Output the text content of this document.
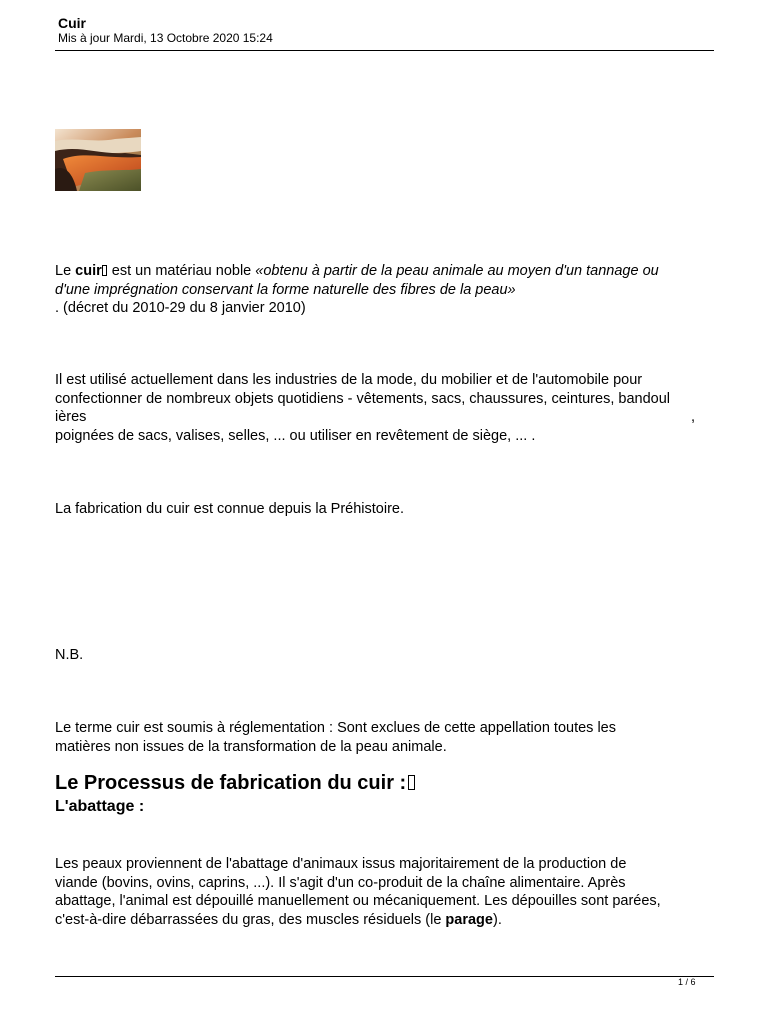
Cuir
Mis à jour Mardi, 13 Octobre 2020 15:24
Le cuir est un matériau noble «obtenu à partir de la peau animale au moyen d'un tannage ou
d'une imprégnation conservant la forme naturelle des fibres de la peau»
. (décret du 2010-29 du 8 janvier 2010)
Il est utilisé actuellement dans les industries de la mode, du mobilier et de l'automobile pour
confectionner de nombreux objets quotidiens - vêtements, sacs, chaussures, ceintures, bandoul
ières	,
poignées de sacs, valises, selles, ... ou utiliser en revêtement de siège, ... .
La fabrication du cuir est connue depuis la Préhistoire.
N.B.
Le terme cuir est soumis à réglementation : Sont exclues de cette appellation toutes les
matières non issues de la transformation de la peau animale.
Le Processus de fabrication du cuir :
L'abattage :
Les peaux proviennent de l'abattage d'animaux issus majoritairement de la production de
viande (bovins, ovins, caprins, ...). Il s'agit d'un co-produit de la chaîne alimentaire. Après
abattage, l'animal est dépouillé manuellement ou mécaniquement. Les dépouilles sont parées,
c'est-à-dire débarrassées du gras, des muscles résiduels (le parage).
1 / 6
